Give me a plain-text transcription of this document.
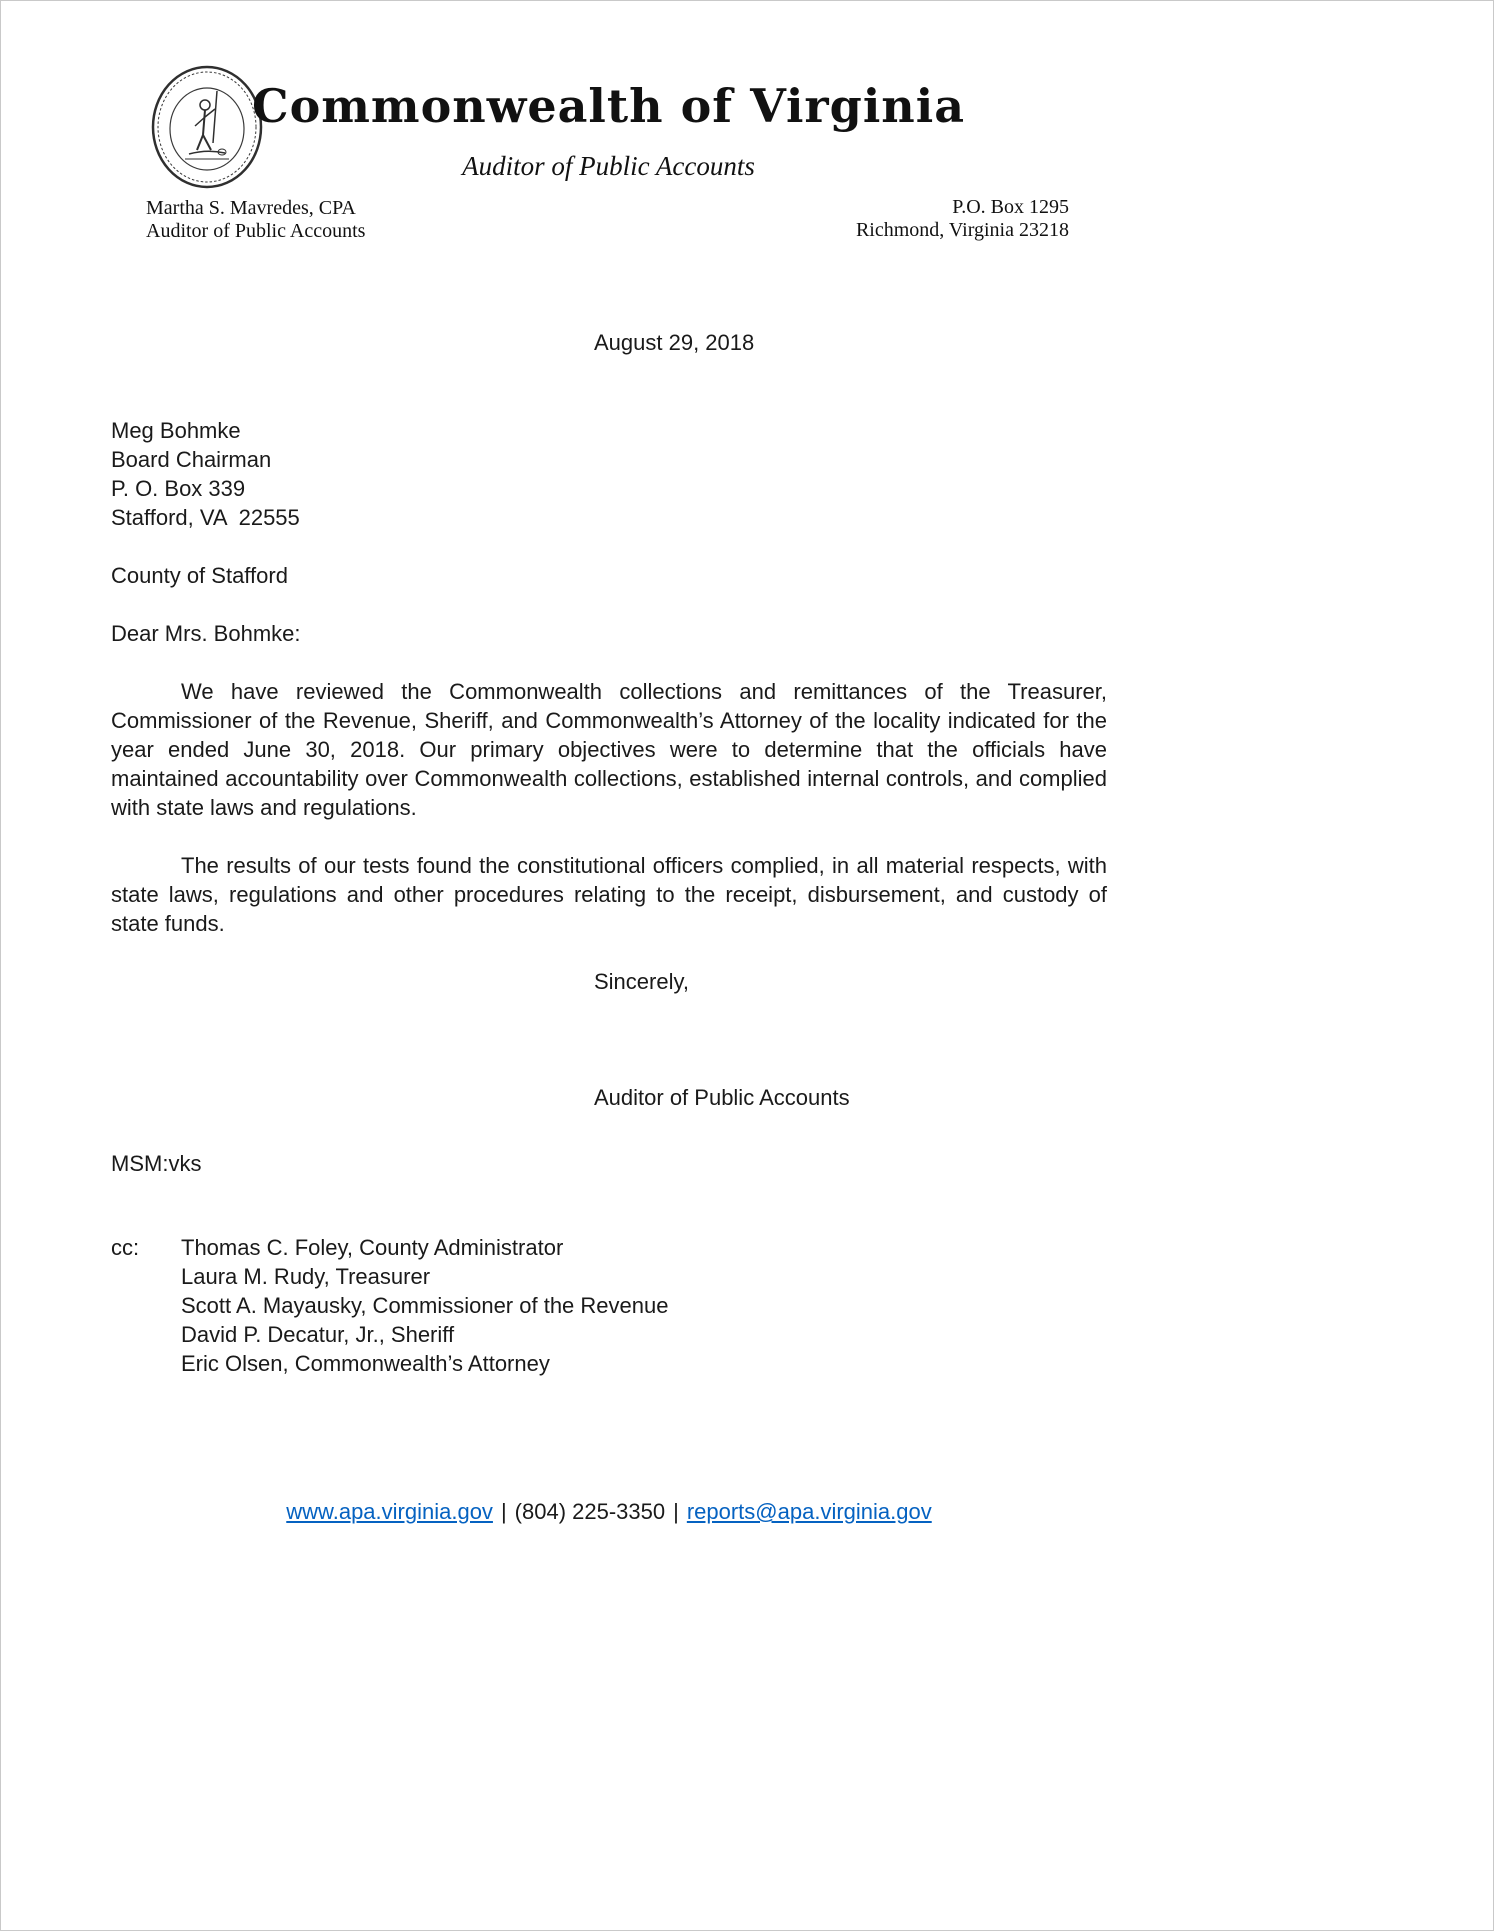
Commonwealth of Virginia
Auditor of Public Accounts
Martha S. Mavredes, CPA
Auditor of Public Accounts
P.O. Box 1295
Richmond, Virginia 23218
August 29, 2018
Meg Bohmke
Board Chairman
P. O. Box 339
Stafford, VA  22555
County of Stafford
Dear Mrs. Bohmke:

We have reviewed the Commonwealth collections and remittances of the Treasurer, Commissioner of the Revenue, Sheriff, and Commonwealth’s Attorney of the locality indicated for the year ended June 30, 2018. Our primary objectives were to determine that the officials have maintained accountability over Commonwealth collections, established internal controls, and complied with state laws and regulations.

The results of our tests found the constitutional officers complied, in all material respects, with state laws, regulations and other procedures relating to the receipt, disbursement, and custody of state funds.

Sincerely,
Auditor of Public Accounts
MSM:vks
cc:	Thomas C. Foley, County Administrator
Laura M. Rudy, Treasurer
Scott A. Mayausky, Commissioner of the Revenue
David P. Decatur, Jr., Sheriff
Eric Olsen, Commonwealth’s Attorney
www.apa.virginia.gov | (804) 225-3350 | reports@apa.virginia.gov
